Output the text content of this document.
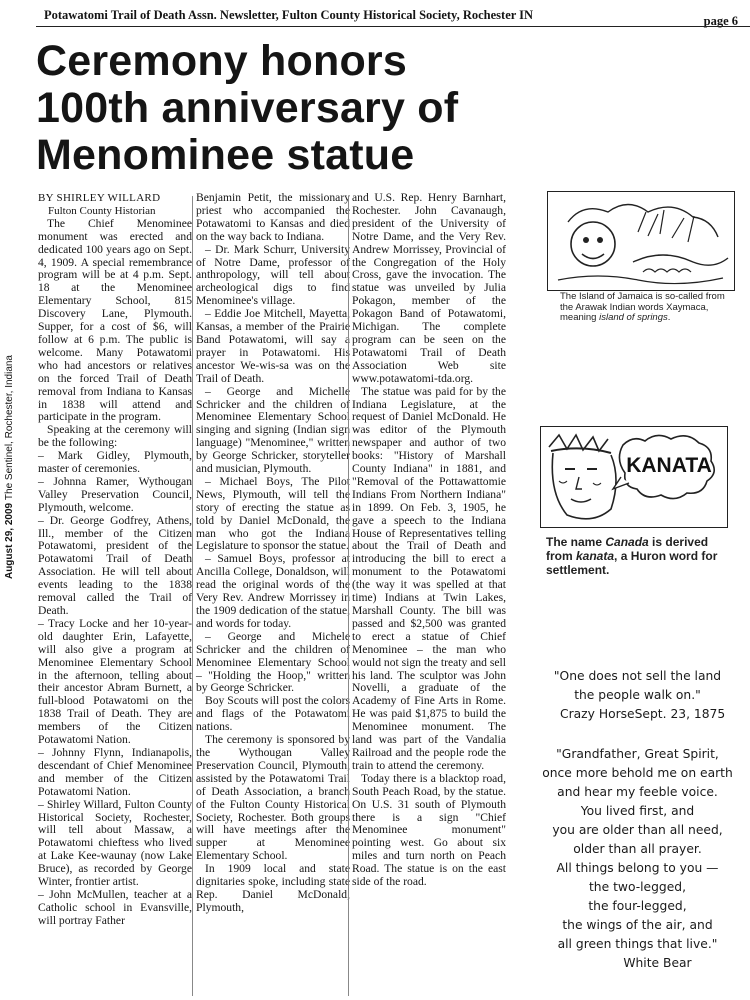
Potawatomi Trail of Death Assn. Newsletter, Fulton County Historical Society, Rochester IN	page 6
August 29, 2009 The Sentinel, Rochester, Indiana
Ceremony honors
100th anniversary of
Menominee statue

BY SHIRLEY WILLARD

Fulton County Historian

The Chief Menominee monument was erected and dedicated 100 years ago on Sept. 4, 1909. A special remembrance program will be at 4 p.m. Sept. 18 at the Menominee Elementary School, 815 Discovery Lane, Plymouth. Supper, for a cost of $6, will follow at 6 p.m. The public is welcome. Many Potawatomi who had ancestors or relatives on the forced Trail of Death removal from Indiana to Kansas in 1838 will attend and participate in the program.

Speaking at the ceremony will be the following:

– Mark Gidley, Plymouth, master of ceremonies.

– Johnna Ramer, Wythougan Valley Preservation Council, Plymouth, welcome.

– Dr. George Godfrey, Athens, Ill., member of the Citizen Potawatomi, president of the Potawatomi Trail of Death Association. He will tell about events leading to the 1838 removal called the Trail of Death.

– Tracy Locke and her 10-year-old daughter Erin, Lafayette, will also give a program at Menominee Elementary School in the afternoon, telling about their ancestor Abram Burnett, a full-blood Potawatomi on the 1838 Trail of Death. They are members of the Citizen Potawatomi Nation.

– Johnny Flynn, Indianapolis, descendant of Chief Menominee and member of the Citizen Potawatomi Nation.

– Shirley Willard, Fulton County Historical Society, Rochester, will tell about Massaw, a Potawatomi chieftess who lived at Lake Kee-waunay (now Lake Bruce), as recorded by George Winter, frontier artist.

– John McMullen, teacher at a Catholic school in Evansville, will portray Father

Benjamin Petit, the missionary priest who accompanied the Potawatomi to Kansas and died on the way back to Indiana.

– Dr. Mark Schurr, University of Notre Dame, professor of anthropology, will tell about archeological digs to find Menominee's village.

– Eddie Joe Mitchell, Mayetta, Kansas, a member of the Prairie Band Potawatomi, will say a prayer in Potawatomi. His ancestor We-wis-sa was on the Trail of Death.

– George and Michelle Schricker and the children of Menominee Elementary School singing and signing (Indian sign language) "Menominee," written by George Schricker, storyteller and musician, Plymouth.

– Michael Boys, The Pilot News, Plymouth, will tell the story of erecting the statue as told by Daniel McDonald, the man who got the Indiana Legislature to sponsor the statue.

– Samuel Boys, professor at Ancilla College, Donaldson, will read the original words of the Very Rev. Andrew Morrissey in the 1909 dedication of the statue, and words for today.

– George and Michele Schricker and the children of Menominee Elementary School – "Holding the Hoop," written by George Schricker.

Boy Scouts will post the colors and flags of the Potawatomi nations.

The ceremony is sponsored by the Wythougan Valley Preservation Council, Plymouth, assisted by the Potawatomi Trail of Death Association, a branch of the Fulton County Historical Society, Rochester. Both groups will have meetings after the supper at Menominee Elementary School.

In 1909 local and state dignitaries spoke, including state Rep. Daniel McDonald, Plymouth,

and U.S. Rep. Henry Barnhart, Rochester. John Cavanaugh, president of the University of Notre Dame, and the Very Rev. Andrew Morrissey, Provincial of the Congregation of the Holy Cross, gave the invocation. The statue was unveiled by Julia Pokagon, member of the Pokagon Band of Potawatomi, Michigan. The complete program can be seen on the Potawatomi Trail of Death Association Web site www.potawatomi-tda.org.

The statue was paid for by the Indiana Legislature, at the request of Daniel McDonald. He was editor of the Plymouth newspaper and author of two books: "History of Marshall County Indiana" in 1881, and "Removal of the Pottawattomie Indians From Northern Indiana" in 1899. On Feb. 3, 1905, he gave a speech to the Indiana House of Representatives telling about the Trail of Death and introducing the bill to erect a monument to the Potawatomi (the way it was spelled at that time) Indians at Twin Lakes, Marshall County. The bill was passed and $2,500 was granted to erect a statue of Chief Menominee – the man who would not sign the treaty and sell his land. The sculptor was John Novelli, a graduate of the Academy of Fine Arts in Rome. He was paid $1,875 to build the Menominee monument. The land was part of the Vandalia Railroad and the people rode the train to attend the ceremony.

Today there is a blacktop road, South Peach Road, by the statue. On U.S. 31 south of Plymouth there is a sign "Chief Menominee monument" pointing west. Go about six miles and turn north on Peach Road. The statue is on the east side of the road.

The Island of Jamaica is so-called from the Arawak Indian words Xaymaca, meaning island of springs.
KANATA
The name Canada is derived from kanata, a Huron word for settlement.
"One does not sell the land
the people walk on."
Crazy Horse Sept. 23, 1875
"Grandfather, Great Spirit,
once more behold me on earth
and hear my feeble voice.
You lived first, and
you are older than all need,
older than all prayer.
All things belong to you —
the two-legged,
the four-legged,
the wings of the air, and
all green things that live."
White Bear
